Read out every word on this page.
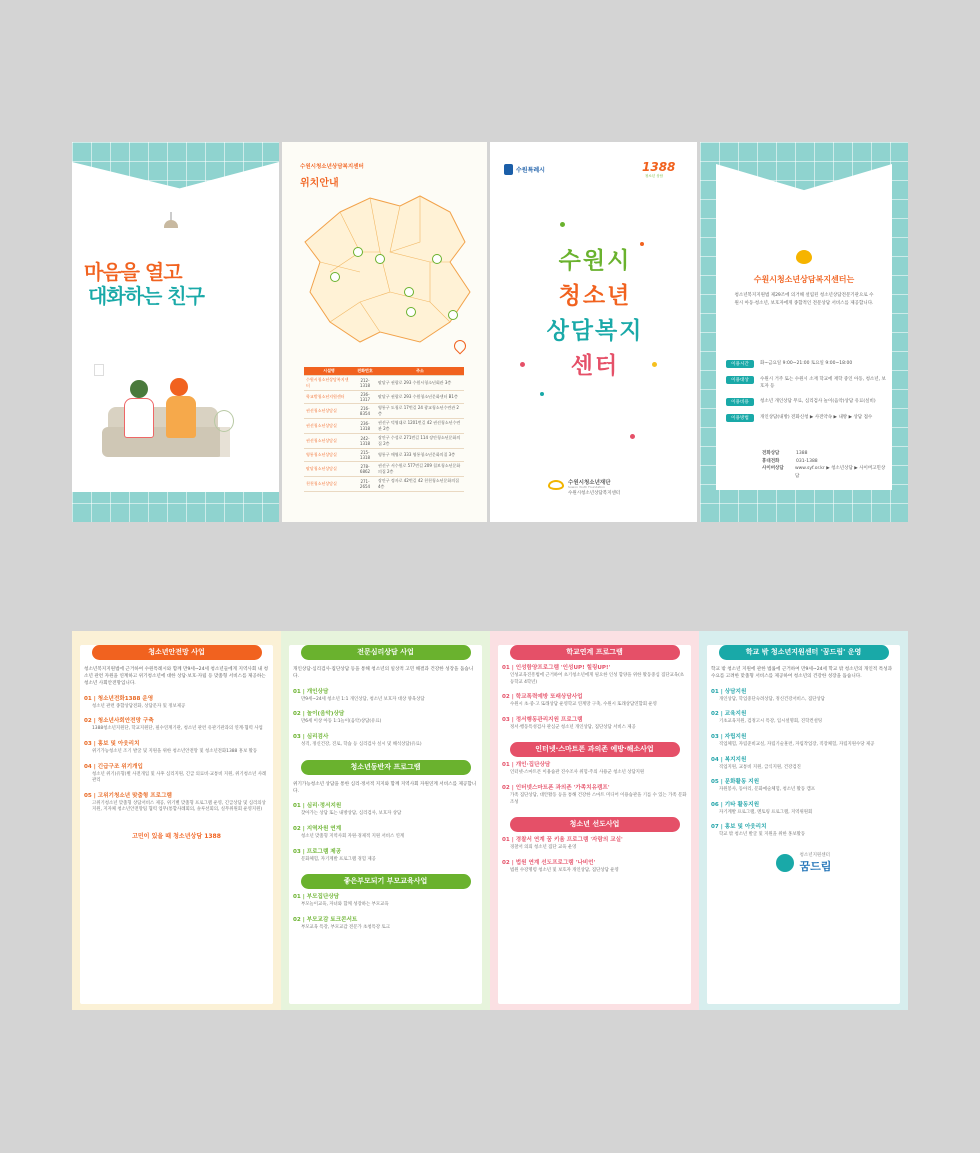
마음을 열고
대화하는 친구
수원시청소년상담복지센터
위치안내
시설명	전화번호	주소
수원시청소년상담복지센터	212-1318	팔달구 권광로 293 수원시청소년회관 3층
학교밖청소년지원센터	236-1317	팔달구 권광로 293 수원청소년문화센터 B1층
권선청소년상담실	216-8354	영통구 도청로 17번길 24 광교청소년수련관 2층
권선청소년상담실	236-1318	권선구 덕영대로 1201번길 42 권선청소년수련관 2층
권선청소년상담실	242-1318	장안구 수성로 271번길 114 장안청소년문화의집 2층
영통청소년상담실	215-1318	영통구 매영로 333 영통청소년문화의집 3층
팔달청소년상담실	278-6862	권선구 서수원로 577번길 209 칠보청소년문화의집 2층
천천청소년상담실	271-2654	장안구 정자로 42번길 42 천천청소년문화의집 4층
수원특례시	1388
청소년 상담
수원시
청소년
상담복지
센터
수원시청소년재단
Suwon Youth Foundation
수원시청소년상담복지센터
수원시청소년상담복지센터는
청소년복지지원법 제29조에 의거해 설립된 청소년상담전문기관으로 수원시 아동·청소년, 보호자에게 종합적인 전문상담 서비스를 제공합니다.
이용시간	화~금요일 9:00~21:00 토요일 9:00~18:00
이용대상	수원시 거주 또는 수원시 소재 학교에 재학 중인 아동, 청소년, 보호자 등
이용비용	청소년 개인상담 무료, 심리검사 놀이(음악)상담 유료(실비)
이용방법	개인상담(내방) 전화신청 ▶ 사전약속 ▶ 내방 ▶ 상담 접수
전화상담	1388
휴대전화	031-1388
사이버상담	www.syf.or.kr ▶ 청소년상담 ▶ 사이버고민상담
청소년안전망 사업
청소년복지지원법에 근거하여 수원특례시와 함께 만9세~24세 청소년들에게 지역사회 내 청소년 관련 자원을 연계하고 위기청소년에 대한 상담·보호·자립 등 맞춤형 서비스를 제공하는 청소년 사회안전망입니다.
01 | 청소년전화1388 운영
청소년 관련 종합상담전화, 상담문자 및 정보제공
02 | 청소년사회안전망 구축
1388청소년지원단, 학교지원단, 필수연계기관, 청소년 관련 유관기관과의 연계·협력 사업
03 | 홍보 및 아웃리치
위기가능청소년 조기 발굴 및 지원을 위한 청소년안전망 및 청소년전화1388 홍보 활동
04 | 긴급구조 위기개입
청소년 위기(유형)별 사전개입 및 사후 심리지원, 긴급 의료비·교통비 지원, 위기청소년 사례관리
05 | 고위기청소년 맞춤형 프로그램
고위기청소년 맞춤형 상담서비스 제공, 위기별 맞춤형 프로그램 운영, 긴급상담 및 심리의상 지원, 지자체 청소년안전망팀 협력 업무(통합사례회의, 솔루션회의, 실무위원회 운영지원)
고민이 있을 때 청소년상담 1388
전문심리상담 사업
개인상담·심리검사·집단상담 등을 통해 청소년의 일상적 고민 해결과 건강한 성장을 돕습니다.
01 | 개인상담
만9세~24세 청소년 1:1 개인상담, 청소년 보호자 대상 양육상담
02 | 놀이(음악)상담
만6세 이상 아동 1:1놀이(음악)상담(유료)
03 | 심리검사
성격, 정신건강, 진로, 학습 등 심리검사 실시 및 해석상담(유료)
청소년동반자 프로그램
위기가능청소년 상담을 통한 심리·정서적 지지와 함께 지역사회 자원연계 서비스를 제공합니다.
01 | 심리·정서지원
찾아가는 상담 또는 내방상담, 심리검사, 보호자 상담
02 | 지역자원 연계
청소년 맞춤형 지역사회 자원·경제적 지원 서비스 연계
03 | 프로그램 제공
문화체험, 자기계발 프로그램 경험 제공
좋은부모되기 부모교육사업
01 | 부모집단상담
부모놀이교육, 자녀와 함께 성장하는 부모교육
02 | 부모교감 토크콘서트
부모교육 특강, 부모교감 전문가 초청특강 토크
학교연계 프로그램
01 | 인성함양프로그램 '인성UP! 힐링UP!'
인성교육진흥법에 근거하여 초기청소년에게 필요한 인성 함양을 위한 활동중심 집단교육(초등학교 4학년)
02 | 학교폭력예방 또래상담사업
수원시 초·중·고 또래상담 운영학교 연계망 구축, 수원시 또래상담연합회 운영
03 | 정서행동관리지원 프로그램
정서·행동특성검사 관심군 청소년 개인상담, 집단상담 서비스 제공
인터넷·스마트폰 과의존 예방·해소사업
01 | 개인·집단상담
인터넷·스마트폰 이용습관 진수조사 위험·주의 사용군 청소년 상담지원
02 | 인터넷스마트폰 과의존 '가족치유캠프'
가족 집단상담, 대안활동 등을 통해 건강한 스마트 미디어 이용습관을 기를 수 있는 가족 문화 조성
청소년 선도사업
01 | 경찰서 연계 꿈 키움 프로그램 '자람의 교실'
경찰서 의뢰 청소년 집단 교육 운영
02 | 법원 연계 선도프로그램 '나비언'
법원 수강명령 청소년 및 보호자 개인상담, 집단상담 운영
학교 밖 청소년지원센터 '꿈드림' 운영
학교 밖 청소년 지원에 관한 법률에 근거하여 만9세~24세 학교 밖 청소년의 개인적 특성과 수요를 고려한 맞춤형 서비스를 제공하여 청소년의 건강한 성장을 돕습니다.
01 | 상담지원
개인상담, 학업중단숙려상담, 정신건강서비스, 집단상담
02 | 교육지원
기초교육지원, 검정고시 특강, 입시설명회, 진학컨설팅
03 | 자립지원
직업체험, 자립준비교실, 자립기술훈련, 자립작업장, 직장체험, 자립지원수당 제공
04 | 복지지원
직업지원, 교통비 지원, 급식지원, 건강검진
05 | 문화활동 지원
자원봉사, 동아리, 문화예술체험, 청소년 활동 캠프
06 | 기타 활동지원
자기계발 프로그램, 멘토링 프로그램, 지역위원회
07 | 홍보 및 아웃리치
학교 밖 청소년 발굴 및 지원을 위한 홍보활동
청소년지원센터
꿈드림
